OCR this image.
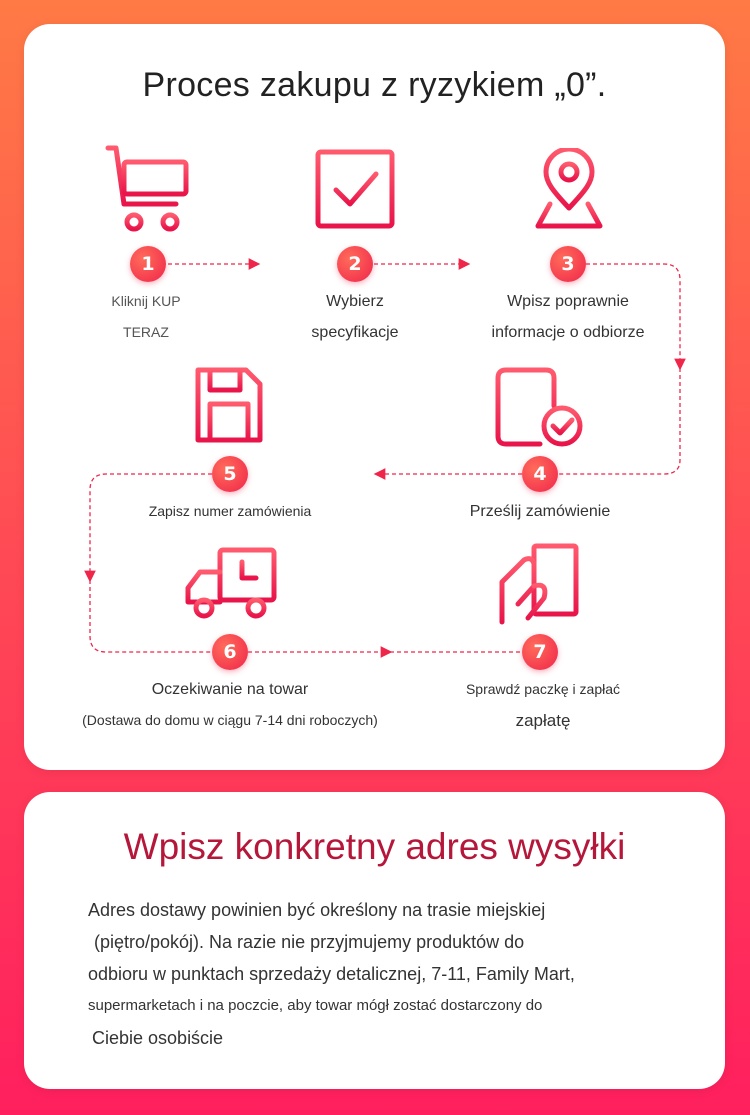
Proces zakupu z ryzykiem „0”.
1
Kliknij KUP
TERAZ
2
Wybierz
specyfikacje
3
Wpisz poprawnie
informacje o odbiorze
5
Zapisz numer zamówienia
4
Prześlij zamówienie
6
Oczekiwanie na towar
(Dostawa do domu w ciągu 7-14 dni roboczych)
7
Sprawdź paczkę i zapłać
zapłatę
Wpisz konkretny adres wysyłki
Adres dostawy powinien być określony na trasie miejskiej
(piętro/pokój). Na razie nie przyjmujemy produktów do
odbioru w punktach sprzedaży detalicznej, 7-11, Family Mart,
supermarketach i na poczcie, aby towar mógł zostać dostarczony do
Ciebie osobiście
